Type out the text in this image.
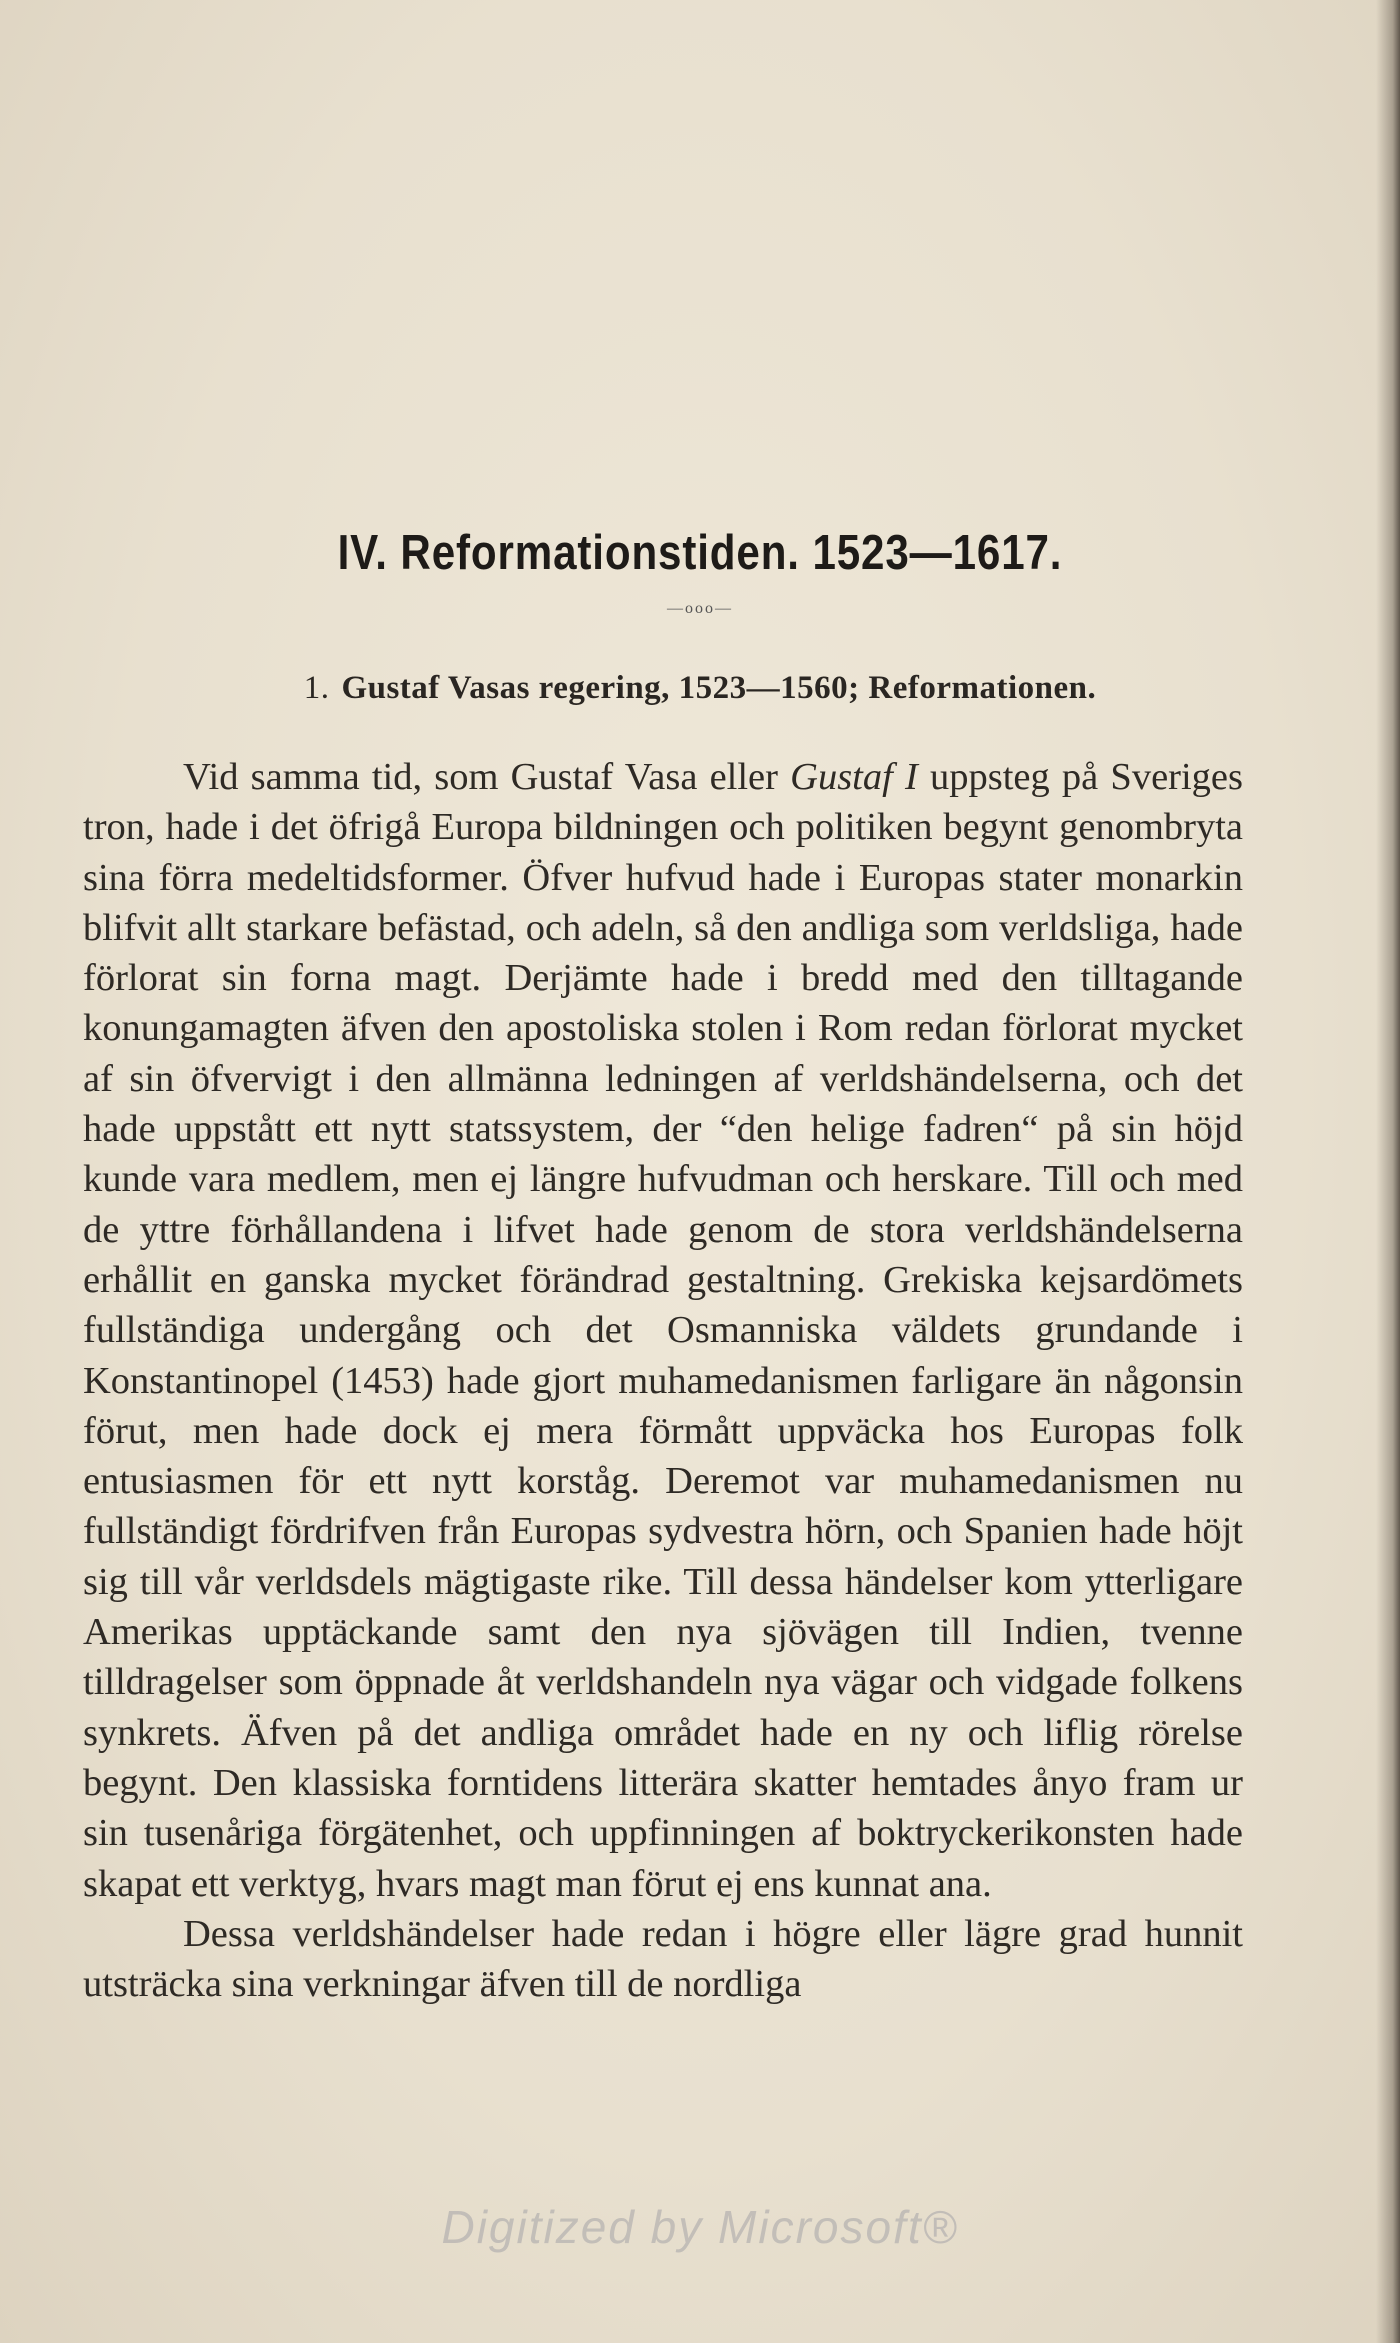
IV. Reformationstiden. 1523—1617.
—ooo—
1. Gustaf Vasas regering, 1523—1560; Reformationen.

Vid samma tid, som Gustaf Vasa eller Gustaf I uppsteg på Sveriges tron, hade i det öfrigå Europa bildningen och politiken begynt genombryta sina förra medeltidsformer. Öfver hufvud hade i Europas stater monarkin blifvit allt starkare befästad, och adeln, så den andliga som verldsliga, hade förlorat sin forna magt. Derjämte hade i bredd med den tilltagande konungamagten äfven den apostoliska stolen i Rom redan förlorat mycket af sin öfvervigt i den allmänna ledningen af verldshändelserna, och det hade uppstått ett nytt statssystem, der “den helige fadren“ på sin höjd kunde vara medlem, men ej längre hufvudman och herskare. Till och med de yttre förhållandena i lifvet hade genom de stora verldshändelserna erhållit en ganska mycket förändrad gestaltning. Grekiska kejsardömets fullständiga undergång och det Osmanniska väldets grundande i Konstantinopel (1453) hade gjort muhamedanismen farligare än någonsin förut, men hade dock ej mera förmått uppväcka hos Europas folk entusiasmen för ett nytt korståg. Deremot var muhamedanismen nu fullständigt fördrifven från Europas sydvestra hörn, och Spanien hade höjt sig till vår verldsdels mägtigaste rike. Till dessa händelser kom ytterligare Amerikas upptäckande samt den nya sjövägen till Indien, tvenne tilldragelser som öppnade åt verldshandeln nya vägar och vidgade folkens synkrets. Äfven på det andliga området hade en ny och liflig rörelse begynt. Den klassiska forntidens litterära skatter hemtades ånyo fram ur sin tusenåriga förgätenhet, och uppfinningen af boktryckerikonsten hade skapat ett verktyg, hvars magt man förut ej ens kunnat ana.

Dessa verldshändelser hade redan i högre eller lägre grad hunnit utsträcka sina verkningar äfven till de nordliga

Digitized by Microsoft®
